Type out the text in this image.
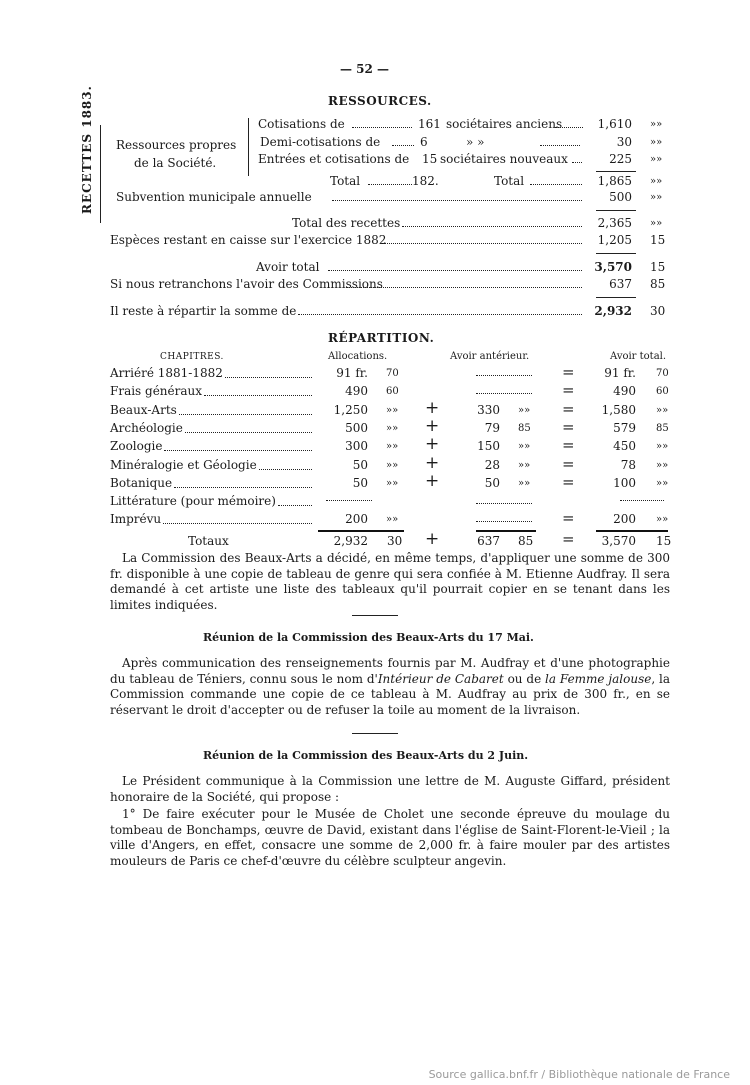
— 52 —
RESSOURCES.
RECETTES 1883. Ressources propres
de la Société.
Cotisations de	161 sociétaires anciens	1,610 »»
Demi-cotisations de	6	» »	30 »»
Entrées et cotisations de 15 sociétaires nouveaux	225 »»
Total	182.	Total	1,865 »»
Subvention municipale annuelle	500 »»
Total des recettes	2,365 »»
Espèces restant en caisse sur l'exercice 1882	1,205 15
Avoir total	3,570 15
Si nous retranchons l'avoir des Commissions	637 85
Il reste à répartir la somme de	2,932 30
RÉPARTITION.
CHAPITRES.	Allocations.	Avoir antérieur.	Avoir total.
Arriéré 1881-1882	91 fr. 70	=	91 fr. 70
Frais généraux	490 60	=	490 60
Beaux-Arts	1,250 »» +	330 »» =	1,580 »»
Archéologie	500 »» +	79 85 =	579 85
Zoologie	300 »» +	150 »» =	450 »»
Minéralogie et Géologie	50 »» +	28 »» =	78 »»
Botanique	50 »» +	50 »» =	100 »»
Littérature (pour mémoire)
Imprévu	200 »»	=	200 »»
Totaux	2,932 30 +	637 85 =	3,570 15
La Commission des Beaux-Arts a décidé, en même temps, d'appliquer une somme de 300 fr. disponible à une copie de tableau de genre qui sera confiée à M. Etienne Audfray. Il sera demandé à cet artiste une liste des tableaux qu'il pourrait copier en se tenant dans les limites indiquées.
Réunion de la Commission des Beaux-Arts du 17 Mai.
Après communication des renseignements fournis par M. Audfray et d'une photographie du tableau de Téniers, connu sous le nom d'Intérieur de Cabaret ou de la Femme jalouse, la Commission commande une copie de ce tableau à M. Audfray au prix de 300 fr., en se réservant le droit d'accepter ou de refuser la toile au moment de la livraison.
Réunion de la Commission des Beaux-Arts du 2 Juin.
Le Président communique à la Commission une lettre de M. Auguste Giffard, président honoraire de la Société, qui propose :
1° De faire exécuter pour le Musée de Cholet une seconde épreuve du moulage du tombeau de Bonchamps, œuvre de David, existant dans l'église de Saint-Florent-le-Vieil ; la ville d'Angers, en effet, consacre une somme de 2,000 fr. à faire mouler par des artistes mouleurs de Paris ce chef-d'œuvre du célèbre sculpteur angevin.
Source gallica.bnf.fr / Bibliothèque nationale de France
